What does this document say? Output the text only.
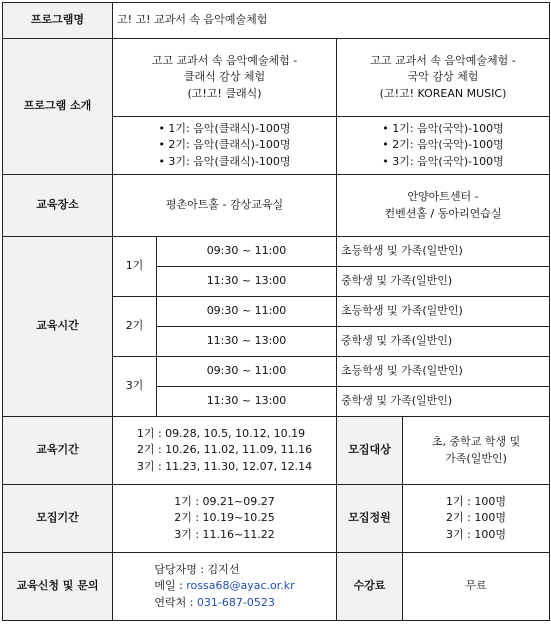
프로그램명	고! 고! 교과서 속 음악예술체험			
프로그램 소개	고고 교과서 속 음악예술체험 -
클래식 감상 체험
(고!고! 클래식)		고고 교과서 속 음악예술체험 -
국악 감상 체험
(고!고! KOREAN MUSIC)	

	• 1기: 음악(클래식)-100명
• 2기: 음악(클래식)-100명
• 3기: 음악(클래식)-100명		• 1기: 음악(국악)-100명
• 2기: 음악(국악)-100명
• 3기: 음악(국악)-100명	

교육장소	평촌아트홀 - 감상교육실		안양아트센터 -
컨벤션홀 / 동아리연습실	

교육시간	1기	09:30 ~ 11:00	초등학생 및 가족(일반인)	
		11:30 ~ 13:00	중학생 및 가족(일반인)	
	2기	09:30 ~ 11:00	초등학생 및 가족(일반인)	
		11:30 ~ 13:00	중학생 및 가족(일반인)	
	3기	09:30 ~ 11:00	초등학생 및 가족(일반인)	
		11:30 ~ 13:00	중학생 및 가족(일반인)	
교육기간	1기 : 09.28, 10.5, 10.12, 10.19
2기 : 10.26, 11.02, 11.09, 11.16
3기 : 11.23, 11.30, 12.07, 12.14		모집대상	초, 중학교 학생 및
가족(일반인)

모집기간	1기 : 09.21~09.27
2기 : 10.19~10.25
3기 : 11.16~11.22		모집정원	1기 : 100명
2기 : 100명
3기 : 100명

교육신청 및 문의	담당자명 : 김지선
메일 : rossa68@ayac.or.kr
연락처 : 031-687-0523		수강료	무료
